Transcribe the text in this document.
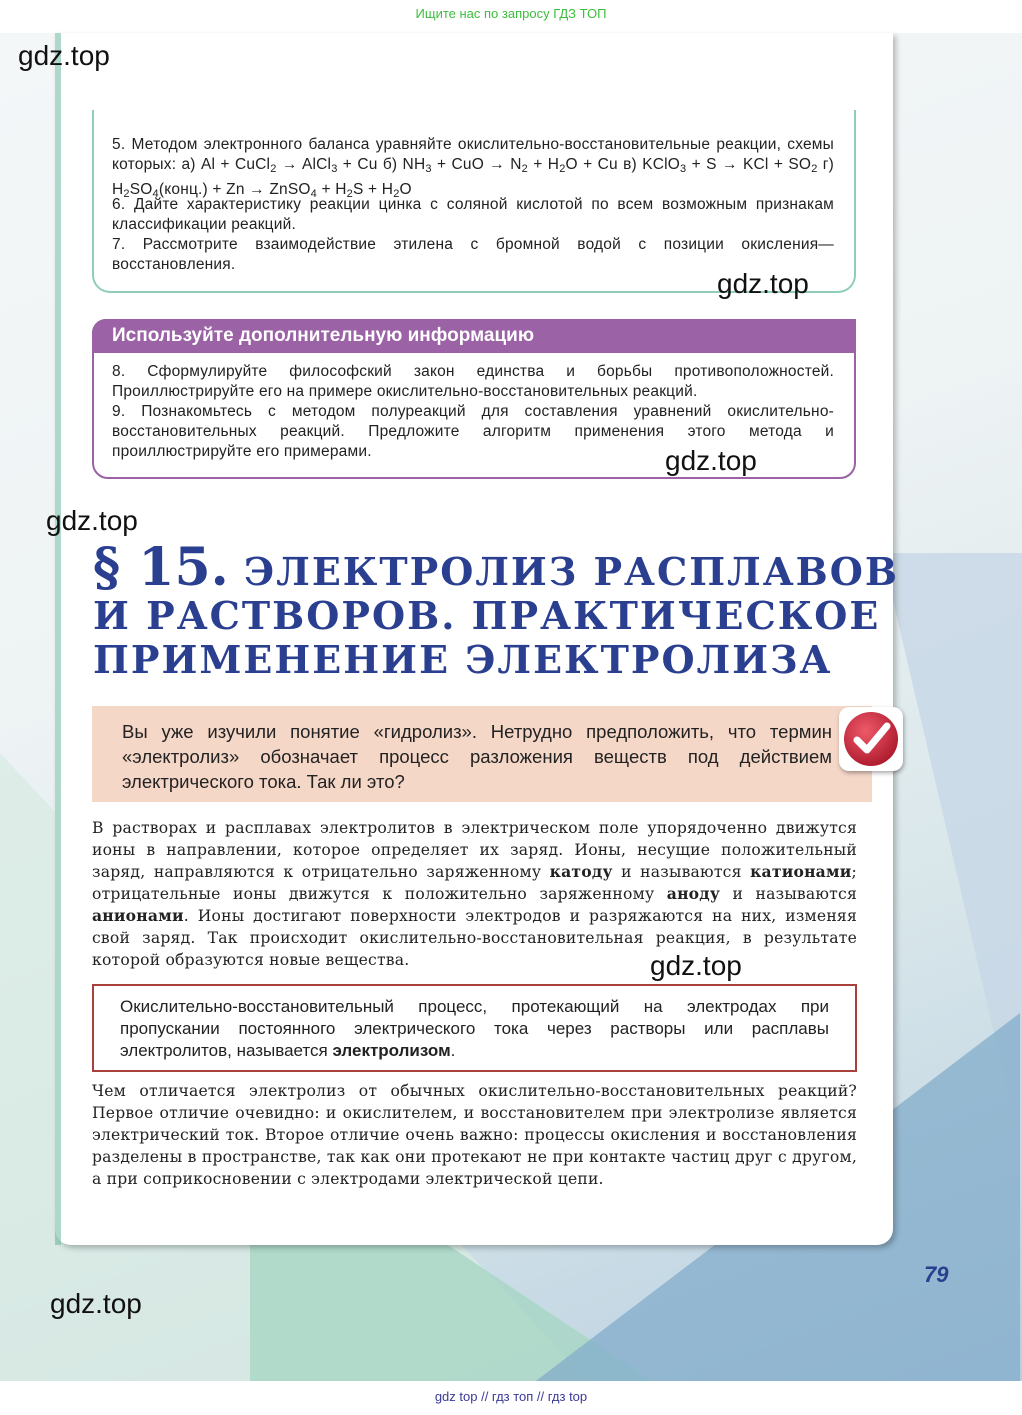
Ищите нас по запросу ГДЗ ТОП
5. Методом электронного баланса уравняйте окислительно-восстановительные реакции, схемы которых: а) Al + CuCl$_2$ → AlCl$_3$ + Cu б) $NH_3$ + CuO → $N_2 + H_2O + Cu$ в) KClO$_3$ + S → KCl + $SO_2$ г) $H_2SO_4(конц.) + Zn$ → ZnSO$_4$ + $H_2S + H_2O$
6. Дайте характеристику реакции цинка с соляной кислотой по всем возможным признакам классификации реакций.
7. Рассмотрите взаимодействие этилена с бромной водой с позиции окисления—восстановления.
Используйте дополнительную информацию
8. Сформулируйте философский закон единства и борьбы противоположностей. Проиллюстрируйте его на примере окислительно-восстановительных реакций.
9. Познакомьтесь с методом полуреакций для составления уравнений окислительно-восстановительных реакций. Предложите алгоритм применения этого метода и проиллюстрируйте его примерами.
§ 15. ЭЛЕКТРОЛИЗ РАСПЛАВОВ
И РАСТВОРОВ. ПРАКТИЧЕСКОЕ
ПРИМЕНЕНИЕ ЭЛЕКТРОЛИЗА
Вы уже изучили понятие «гидролиз». Нетрудно предположить, что термин «электролиз» обозначает процесс разложения веществ под действием электрического тока. Так ли это?
В растворах и расплавах электролитов в электрическом поле упорядоченно движутся ионы в направлении, которое определяет их заряд. Ионы, несущие положительный заряд, направляются к отрицательно заряженному катоду и называются катионами; отрицательные ионы движутся к положительно заряженному аноду и называются анионами. Ионы достигают поверхности электродов и разряжаются на них, изменяя свой заряд. Так происходит окислительно-восстановительная реакция, в результате которой образуются новые вещества.
Окислительно-восстановительный процесс, протекающий на электродах при пропускании постоянного электрического тока через растворы или расплавы электролитов, называется электролизом.
Чем отличается электролиз от обычных окислительно-восстановительных реакций? Первое отличие очевидно: и окислителем, и восстановителем при электролизе является электрический ток. Второе отличие очень важно: процессы окисления и восстановления разделены в пространстве, так как они протекают не при контакте частиц друг с другом, а при соприкосновении с электродами электрической цепи.
79
gdz.top
gdz.top
gdz.top
gdz.top
gdz.top
gdz.top
gdz top // гдз топ // гдз top
